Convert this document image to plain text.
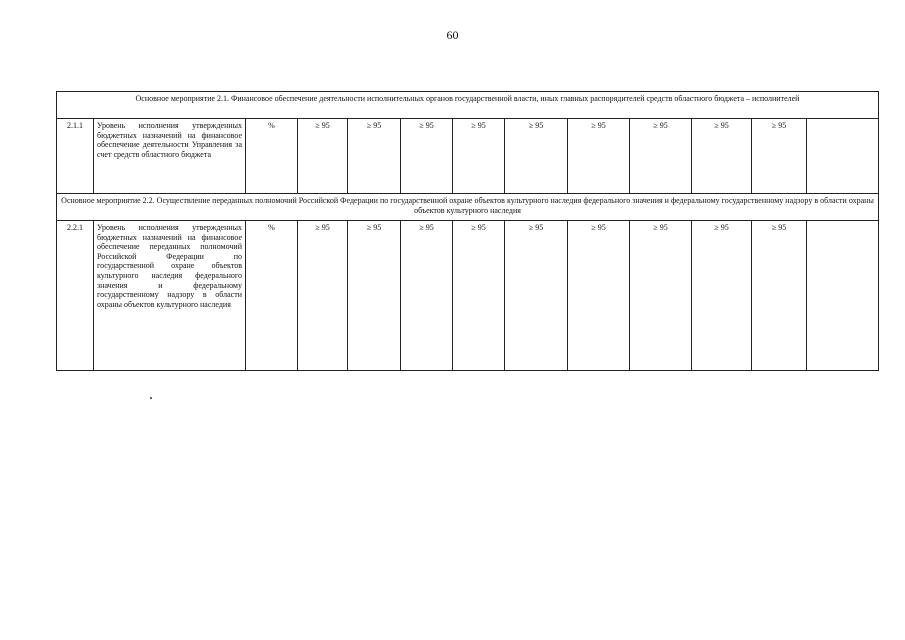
60
Основное мероприятие 2.1. Финансовое обеспечение деятельности исполнительных органов государственной власти, иных главных распорядителей средств областного бюджета – исполнителей												
2.1.1	Уровень исполнения утвержденных бюджетных назначений на финансовое обеспечение деятельности Управления за счет средств областного бюджета	%	≥ 95	≥ 95	≥ 95	≥ 95	≥ 95	≥ 95	≥ 95	≥ 95	≥ 95	
Основное мероприятие 2.2. Осуществление переданных полномочий Российской Федерации по государственной охране объектов культурного наследия федерального значения и федеральному государственному надзору в области охраны объектов культурного наследия												
2.2.1	Уровень исполнения утвержденных бюджетных назначений на финансовое обеспечение переданных полномочий Российской Федерации по государственной охране объектов культурного наследия федерального значения и федеральному государственному надзору в области охраны объектов культурного наследия	%	≥ 95	≥ 95	≥ 95	≥ 95	≥ 95	≥ 95	≥ 95	≥ 95	≥ 95	
